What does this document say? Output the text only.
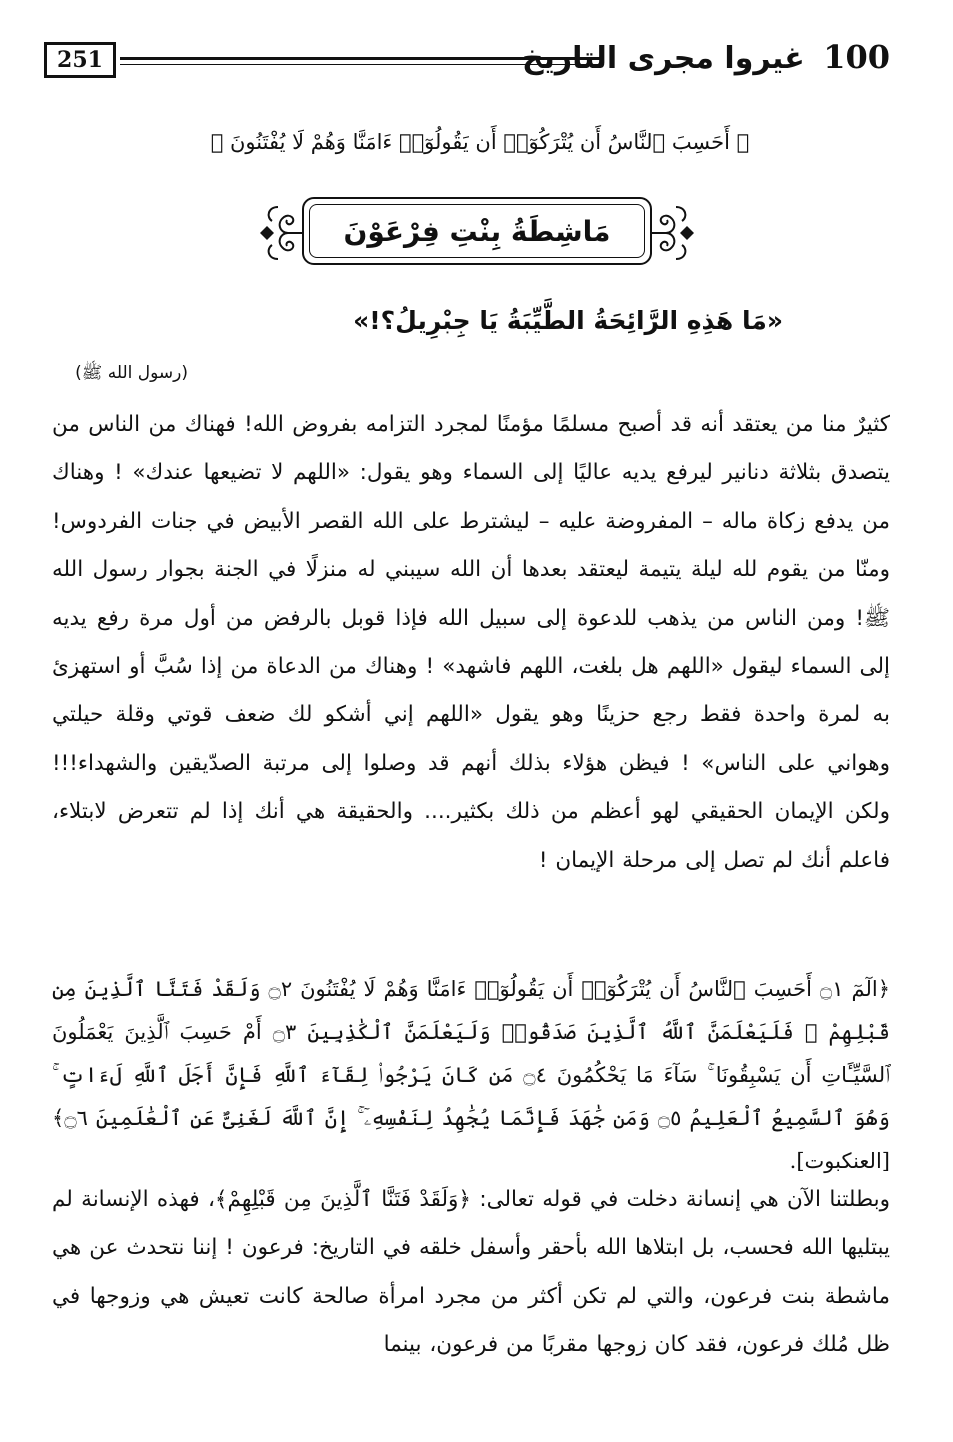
251	100 غيروا مجرى التاريخ
﴿ أَحَسِبَ ٱلنَّاسُ أَن يُتْرَكُوٓا۟ أَن يَقُولُوٓا۟ ءَامَنَّا وَهُمْ لَا يُفْتَنُونَ ﴾
مَاشِطَةُ بِنْتِ فِرْعَوْنَ
«مَا هَذِهِ الرَّائِحَةُ الطَّيِّبَةُ يَا جِبْرِيلُ؟!»
(رسول الله ﷺ)
كثيرٌ منا من يعتقد أنه قد أصبح مسلمًا مؤمنًا لمجرد التزامه بفروض الله! فهناك من الناس من يتصدق بثلاثة دنانير ليرفع يديه عاليًا إلى السماء وهو يقول: «اللهم لا تضيعها عندك» ! وهناك من يدفع زكاة ماله – المفروضة عليه – ليشترط على الله القصر الأبيض في جنات الفردوس! ومنّا من يقوم لله ليلة يتيمة ليعتقد بعدها أن الله سيبني له منزلًا في الجنة بجوار رسول الله ﷺ! ومن الناس من يذهب للدعوة إلى سبيل الله فإذا قوبل بالرفض من أول مرة رفع يديه إلى السماء ليقول «اللهم هل بلغت، اللهم فاشهد» ! وهناك من الدعاة من إذا سُبَّ أو استهزئ به لمرة واحدة فقط رجع حزينًا وهو يقول «اللهم إني أشكو لك ضعف قوتي وقلة حيلتي وهواني على الناس» ! فيظن هؤلاء بذلك أنهم قد وصلوا إلى مرتبة الصدّيقين والشهداء!!! ولكن الإيمان الحقيقي لهو أعظم من ذلك بكثير.... والحقيقة هي أنك إذا لم تتعرض لابتلاء، فاعلم أنك لم تصل إلى مرحلة الإيمان !
﴿الٓمٓ ۝١ أَحَسِبَ ٱلنَّاسُ أَن يُتْرَكُوٓا۟ أَن يَقُولُوٓا۟ ءَامَنَّا وَهُمْ لَا يُفْتَنُونَ ۝٢ وَلَقَدْ فَتَنَّا ٱلَّذِينَ مِن قَبْلِهِمْ ۖ فَلَيَعْلَمَنَّ ٱللَّهُ ٱلَّذِينَ صَدَقُوا۟ وَلَيَعْلَمَنَّ ٱلْكَٰذِبِينَ ۝٣ أَمْ حَسِبَ ٱلَّذِينَ يَعْمَلُونَ ٱلسَّيِّـَٔاتِ أَن يَسْبِقُونَا ۚ سَآءَ مَا يَحْكُمُونَ ۝٤ مَن كَانَ يَرْجُوا۟ لِقَآءَ ٱللَّهِ فَإِنَّ أَجَلَ ٱللَّهِ لَءَاتٍ ۚ وَهُوَ ٱلسَّمِيعُ ٱلْعَلِيمُ ۝٥ وَمَن جَٰهَدَ فَإِنَّمَا يُجَٰهِدُ لِنَفْسِهِۦٓ ۚ إِنَّ ٱللَّهَ لَغَنِىٌّ عَنِ ٱلْعَٰلَمِينَ ۝٦﴾ [العنكبوت].
وبطلتنا الآن هي إنسانة دخلت في قوله تعالى: ﴿وَلَقَدْ فَتَنَّا ٱلَّذِينَ مِن قَبْلِهِمْ﴾، فهذه الإنسانة لم يبتليها الله فحسب، بل ابتلاها الله بأحقر وأسفل خلقه في التاريخ: فرعون ! إننا نتحدث عن هي ماشطة بنت فرعون، والتي لم تكن أكثر من مجرد امرأة صالحة كانت تعيش هي وزوجها في ظل مُلك فرعون، فقد كان زوجها مقربًا من فرعون، بينما
